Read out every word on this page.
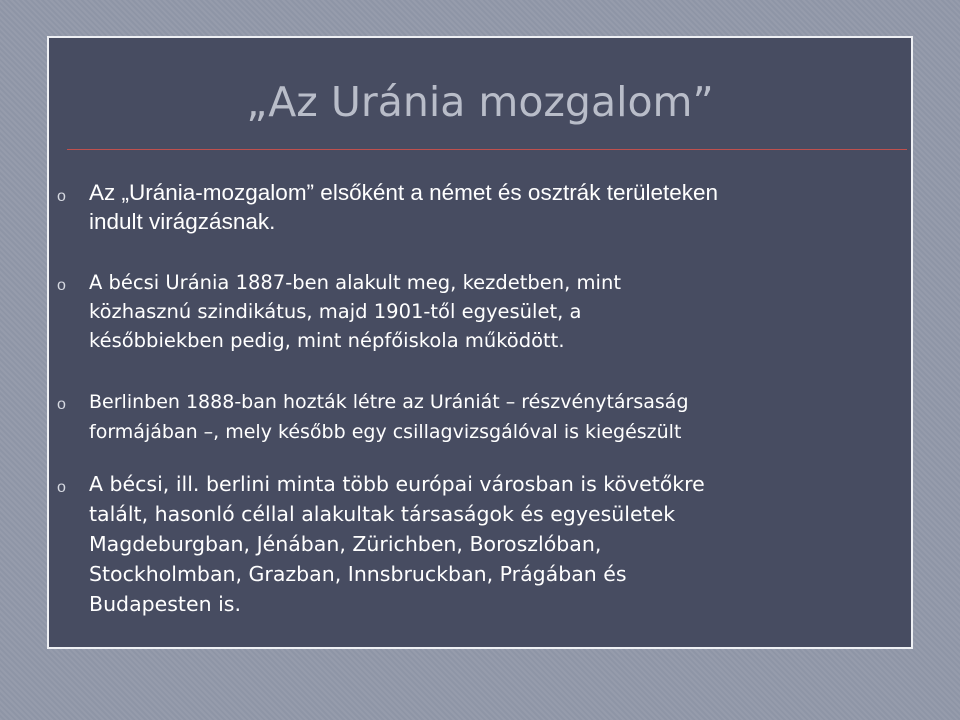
„Az Uránia mozgalom”
o Az „Uránia-mozgalom” elsőként a német és osztrák területeken
indult virágzásnak.
o A bécsi Uránia 1887-ben alakult meg, kezdetben, mint
közhasznú szindikátus, majd 1901-től egyesület, a
későbbiekben pedig, mint népfőiskola működött.
o Berlinben 1888-ban hozták létre az Urániát – részvénytársaság
formájában –, mely később egy csillagvizsgálóval is kiegészült
o A bécsi, ill. berlini minta több európai városban is követőkre
talált, hasonló céllal alakultak társaságok és egyesületek
Magdeburgban, Jénában, Zürichben, Boroszlóban,
Stockholmban, Grazban, Innsbruckban, Prágában és
Budapesten is.
